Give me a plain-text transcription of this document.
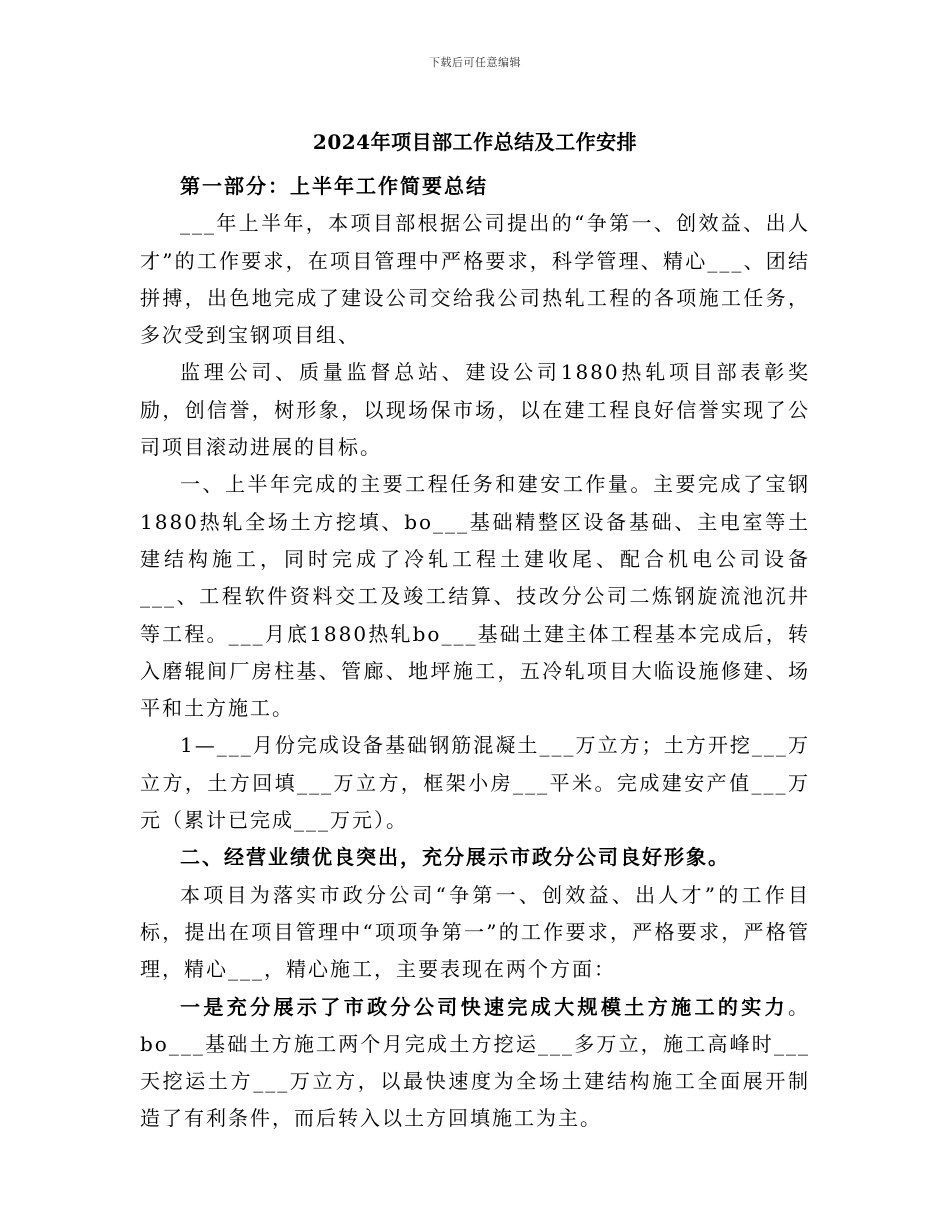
下载后可任意编辑
2024年项目部工作总结及工作安排

第一部分：上半年工作简要总结

___年上半年，本项目部根据公司提出的“争第一、创效益、出人才”的工作要求，在项目管理中严格要求，科学管理、精心___、团结拼搏，出色地完成了建设公司交给我公司热轧工程的各项施工任务，多次受到宝钢项目组、

监理公司、质量监督总站、建设公司1880热轧项目部表彰奖励，创信誉，树形象，以现场保市场，以在建工程良好信誉实现了公司项目滚动进展的目标。

一、上半年完成的主要工程任务和建安工作量。主要完成了宝钢1880热轧全场土方挖填、bo___基础精整区设备基础、主电室等土建结构施工，同时完成了冷轧工程土建收尾、配合机电公司设备___、工程软件资料交工及竣工结算、技改分公司二炼钢旋流池沉井等工程。___月底1880热轧bo___基础土建主体工程基本完成后，转入磨辊间厂房柱基、管廊、地坪施工，五冷轧项目大临设施修建、场平和土方施工。

1—___月份完成设备基础钢筋混凝土___万立方；土方开挖___万立方，土方回填___万立方，框架小房___平米。完成建安产值___万元（累计已完成___万元）。

二、经营业绩优良突出，充分展示市政分公司良好形象。

本项目为落实市政分公司“争第一、创效益、出人才”的工作目标，提出在项目管理中“项项争第一”的工作要求，严格要求，严格管理，精心___，精心施工，主要表现在两个方面：

一是充分展示了市政分公司快速完成大规模土方施工的实力。bo___基础土方施工两个月完成土方挖运___多万立，施工高峰时___天挖运土方___万立方，以最快速度为全场土建结构施工全面展开制造了有利条件，而后转入以土方回填施工为主。
